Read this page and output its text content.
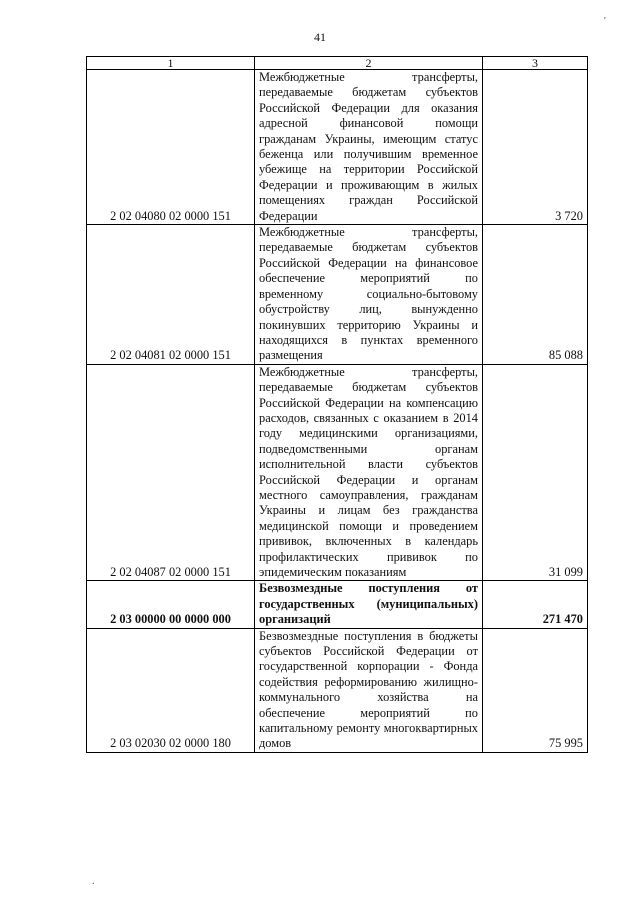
41
'
1	2	3
2 02 04080 02 0000 151	Межбюджетные трансферты, передаваемые бюджетам субъектов Российской Федерации для оказания адресной финансовой помощи гражданам Украины, имеющим статус беженца или получившим временное убежище на территории Российской Федерации и проживающим в жилых помещениях граждан Российской Федерации	3 720
2 02 04081 02 0000 151	Межбюджетные трансферты, передаваемые бюджетам субъектов Российской Федерации на финансовое обеспечение мероприятий по временному социально-бытовому обустройству лиц, вынужденно покинувших территорию Украины и находящихся в пунктах временного размещения	85 088
2 02 04087 02 0000 151	Межбюджетные трансферты, передаваемые бюджетам субъектов Российской Федерации на компенсацию расходов, связанных с оказанием в 2014 году медицинскими организациями, подведомственными органам исполнительной власти субъектов Российской Федерации и органам местного самоуправления, гражданам Украины и лицам без гражданства медицинской помощи и проведением прививок, включенных в календарь профилактических прививок по эпидемическим показаниям	31 099
2 03 00000 00 0000 000	Безвозмездные поступления от государственных (муниципальных) организаций	271 470
2 03 02030 02 0000 180	Безвозмездные поступления в бюджеты субъектов Российской Федерации от государственной корпорации - Фонда содействия реформированию жилищно-коммунального хозяйства на обеспечение мероприятий по капитальному ремонту многоквартирных домов	75 995
.
